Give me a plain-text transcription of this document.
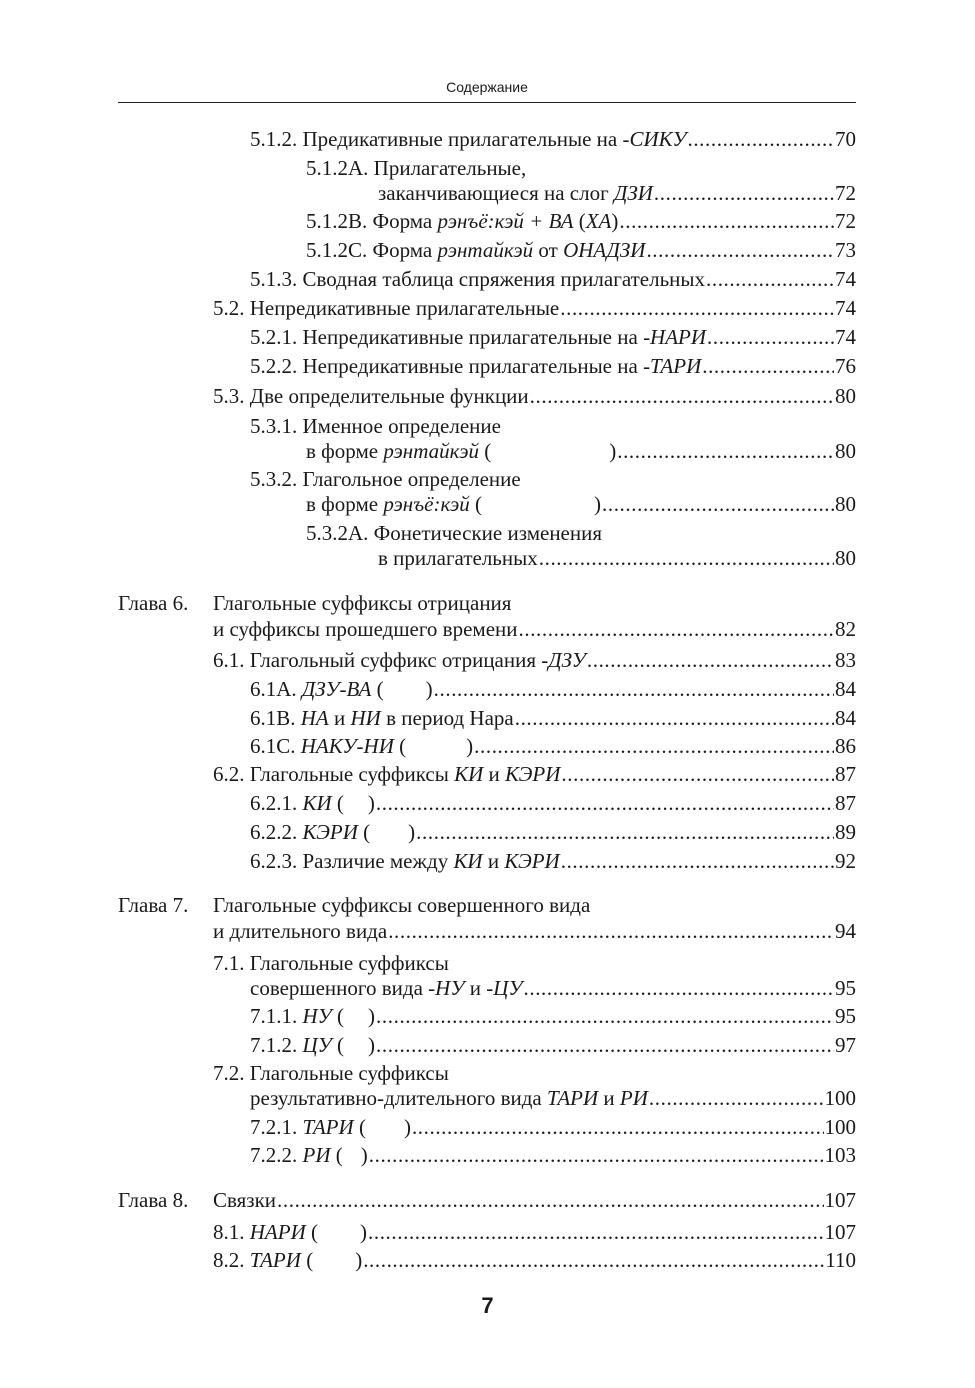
Содержание
5.1.2. Предикативные прилагательные на -СИКУ .....	70
5.1.2A. Прилагательные,
заканчивающиеся на слог ДЗИ .....	72
5.1.2B. Форма рэнъё:кэй + ВА (ХА) .....	72
5.1.2C. Форма рэнтайкэй от ОНАДЗИ .....	73
5.1.3. Сводная таблица спряжения прилагательных .....	74
5.2. Непредикативные прилагательные .....	74
5.2.1. Непредикативные прилагательные на -НАРИ .....	74
5.2.2. Непредикативные прилагательные на -ТАРИ .....	76
5.3. Две определительные функции .....	80
5.3.1. Именное определение
в форме рэнтайкэй (	) .....	80
5.3.2. Глагольное определение
в форме рэнъё:кэй (	) .....	80
5.3.2A. Фонетические изменения
в прилагательных .....	80
Глава 6. Глагольные суффиксы отрицания
и суффиксы прошедшего времени .....	82
6.1. Глагольный суффикс отрицания -ДЗУ .....	83
6.1A. ДЗУ-ВА ( ) .....	84
6.1B. НА и НИ в период Нара .....	84
6.1C. НАКУ-НИ (	) .....	86
6.2. Глагольные суффиксы КИ и КЭРИ .....	87
6.2.1. КИ ( ) .....	87
6.2.2. КЭРИ ( ) .....	89
6.2.3. Различие между КИ и КЭРИ .....	92
Глава 7. Глагольные суффиксы совершенного вида
и длительного вида .....	94
7.1. Глагольные суффиксы
совершенного вида -НУ и -ЦУ .....	95
7.1.1. НУ ( ) .....	95
7.1.2. ЦУ ( ) .....	97
7.2. Глагольные суффиксы
результативно-длительного вида ТАРИ и РИ .....	100
7.2.1. ТАРИ ( ) .....	100
7.2.2. РИ ( ) .....	103
Глава 8. Связки .....	107
8.1. НАРИ ( ) .....	107
8.2. ТАРИ ( ) .....	110
7
